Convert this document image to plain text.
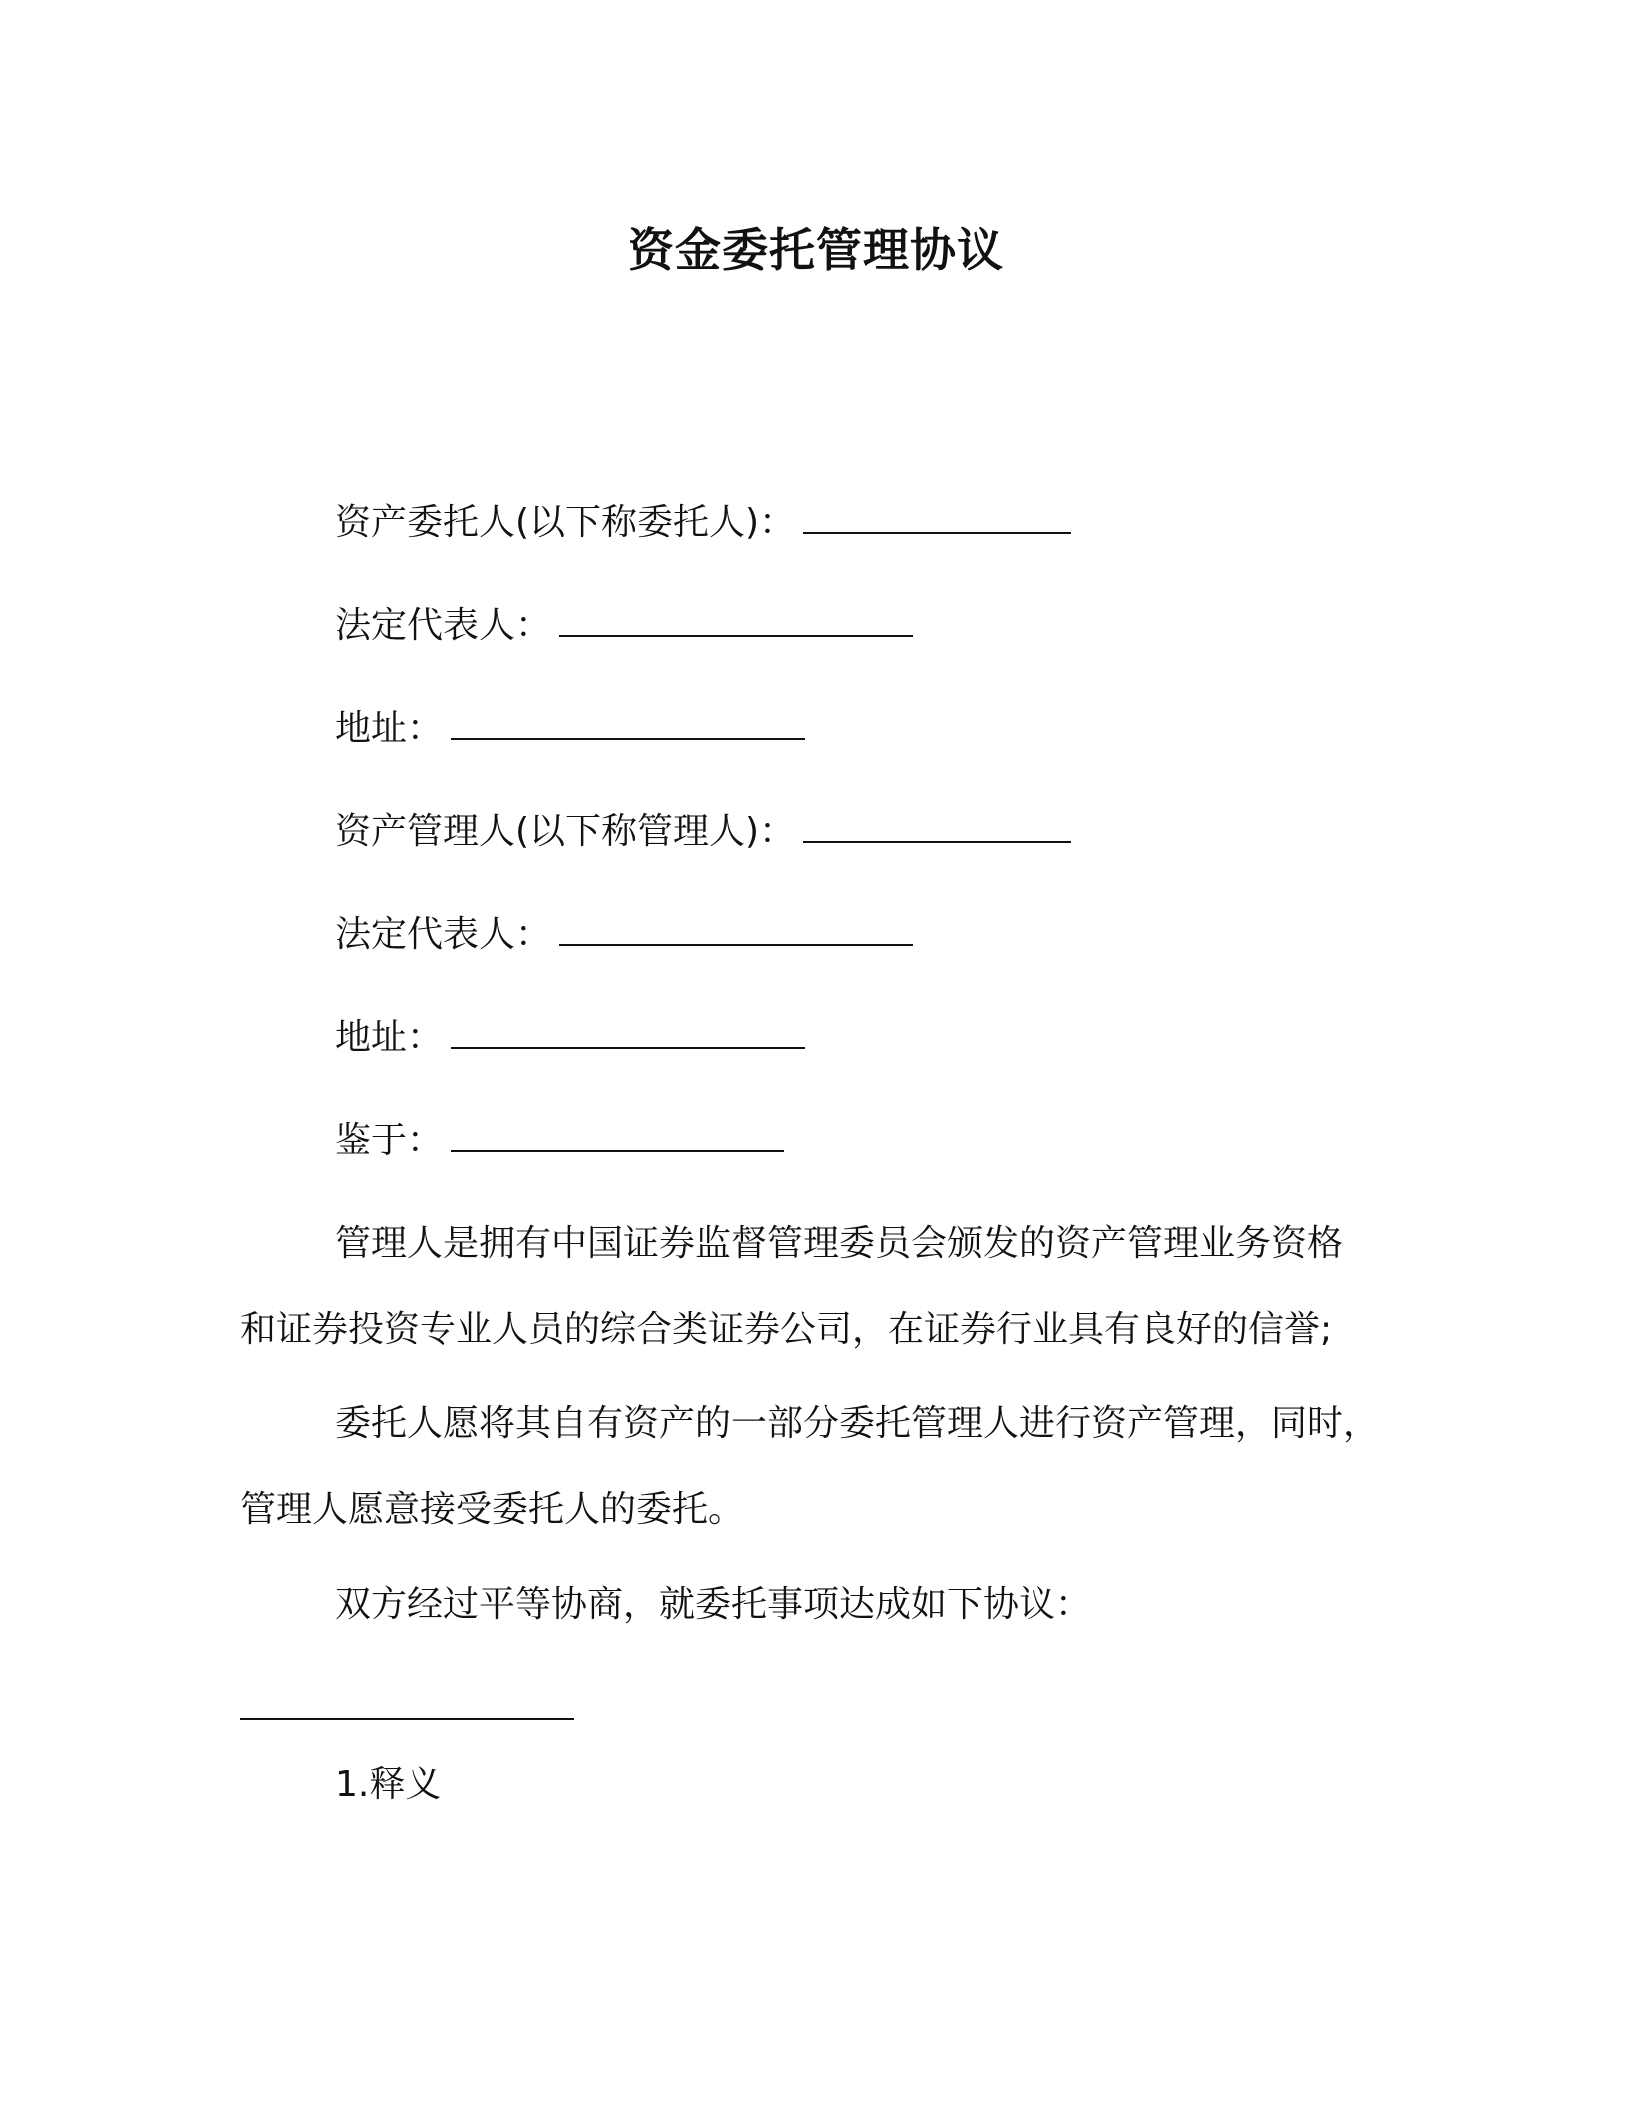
资金委托管理协议
资产委托人(以下称委托人)：
法定代表人：
地址：
资产管理人(以下称管理人)：
法定代表人：
地址：
鉴于：
管理人是拥有中国证券监督管理委员会颁发的资产管理业务资格
和证券投资专业人员的综合类证券公司，在证券行业具有良好的信誉;
委托人愿将其自有资产的一部分委托管理人进行资产管理，同时，
管理人愿意接受委托人的委托。
双方经过平等协商，就委托事项达成如下协议：
1.释义
